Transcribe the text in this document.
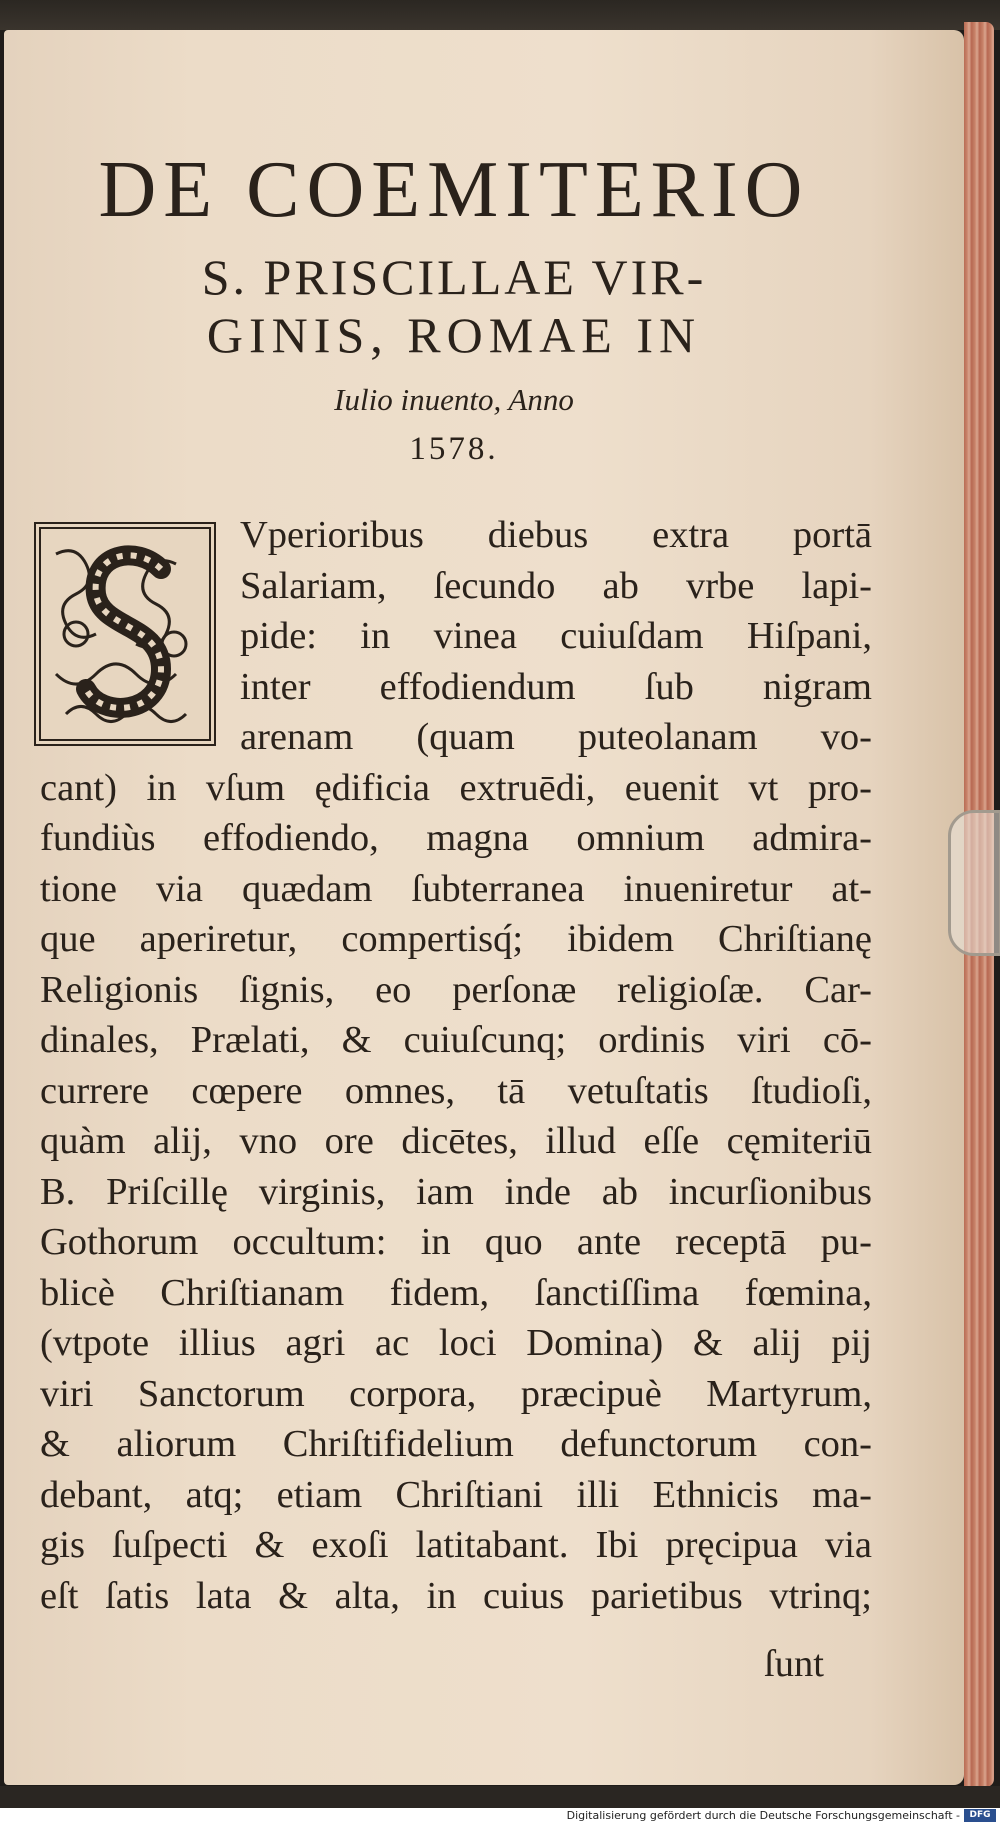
DE COEMITERIO
S. PRISCILLAE VIR-
GINIS, ROMAE IN
Iulio inuento, Anno
1578.
Vperioribus diebus extra portā
Salariam, ſecundo ab vrbe lapi-
pide: in vinea cuiuſdam Hiſpani,
inter effodiendum ſub nigram
arenam (quam puteolanam vo-
cant) in vſum ędificia extruēdi, euenit vt pro-
fundiùs effodiendo, magna omnium admira-
tione via quædam ſubterranea inueniretur at-
que aperiretur, compertisq́; ibidem Chriſtianę
Religionis ſignis, eo perſonæ religioſæ. Car-
dinales, Prælati, & cuiuſcunq; ordinis viri cō-
currere cœpere omnes, tā vetuſtatis ſtudioſi,
quàm alij, vno ore dicētes, illud eſſe cęmiteriū
B. Priſcillę virginis, iam inde ab incurſionibus
Gothorum occultum: in quo ante receptā pu-
blicè Chriſtianam fidem, ſanctiſſima fœmina,
(vtpote illius agri ac loci Domina) & alij pij
viri Sanctorum corpora, præcipuè Martyrum,
& aliorum Chriſtifidelium defunctorum con-
debant, atq; etiam Chriſtiani illi Ethnicis ma-
gis ſuſpecti & exoſi latitabant. Ibi pręcipua via
eſt ſatis lata & alta, in cuius parietibus vtrinq;
ſunt
Digitalisierung gefördert durch die Deutsche Forschungsgemeinschaft -	DFG
